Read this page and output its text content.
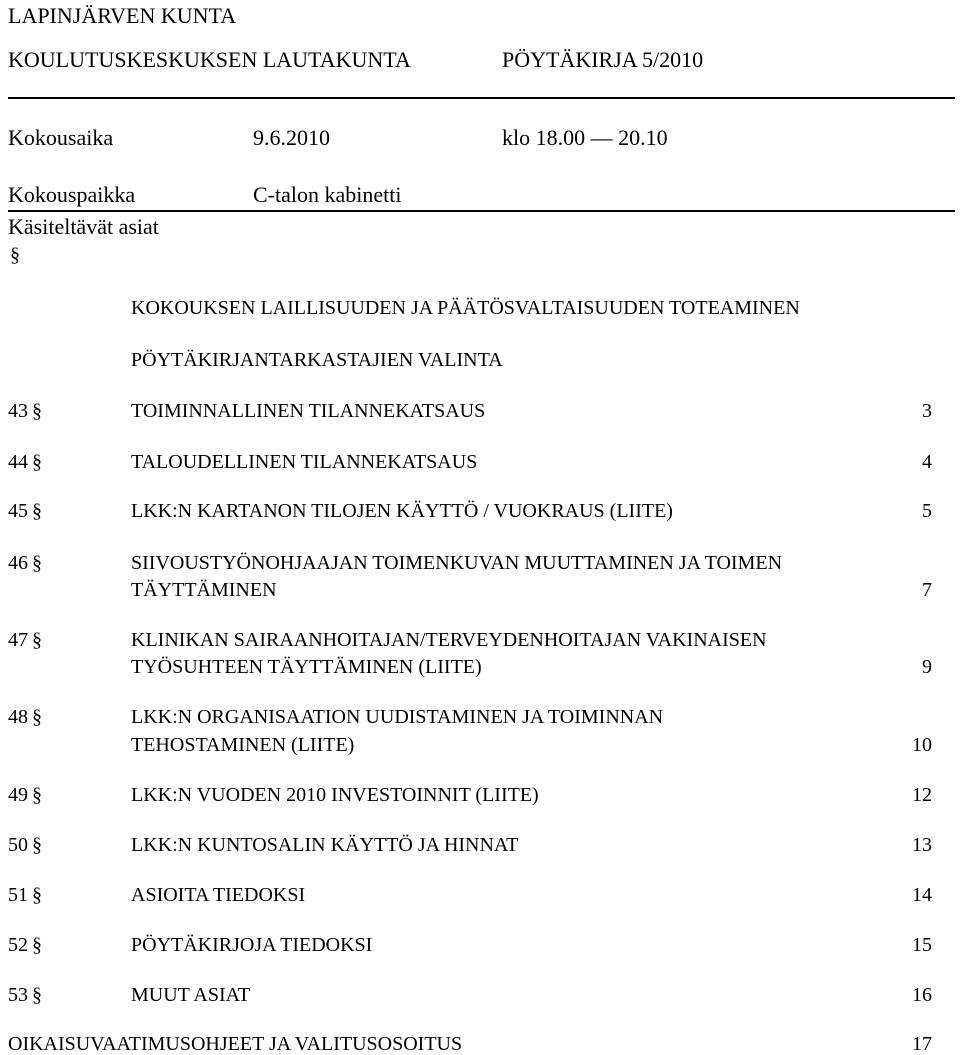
LAPINJÄRVEN KUNTA
KOULUTUSKESKUKSEN LAUTAKUNTA	PÖYTÄKIRJA 5/2010
Kokousaika	9.6.2010	klo 18.00 — 20.10
Kokouspaikka	C-talon kabinetti
Käsiteltävät asiat
§
KOKOUKSEN LAILLISUUDEN JA PÄÄTÖSVALTAISUUDEN TOTEAMINEN
PÖYTÄKIRJANTARKASTAJIEN VALINTA
43 §	TOIMINNALLINEN TILANNEKATSAUS	3
44 §	TALOUDELLINEN TILANNEKATSAUS	4
45 §	LKK:N KARTANON TILOJEN KÄYTTÖ / VUOKRAUS (LIITE)	5
46 §	SIIVOUSTYÖNOHJAAJAN TOIMENKUVAN MUUTTAMINEN JA TOIMEN
TÄYTTÄMINEN	7
47 §	KLINIKAN SAIRAANHOITAJAN/TERVEYDENHOITAJAN VAKINAISEN
TYÖSUHTEEN TÄYTTÄMINEN (LIITE)	9
48 §	LKK:N ORGANISAATION UUDISTAMINEN JA TOIMINNAN
TEHOSTAMINEN (LIITE)	10
49 §	LKK:N VUODEN 2010 INVESTOINNIT (LIITE)	12
50 §	LKK:N KUNTOSALIN KÄYTTÖ JA HINNAT	13
51 §	ASIOITA TIEDOKSI	14
52 §	PÖYTÄKIRJOJA TIEDOKSI	15
53 §	MUUT ASIAT	16
OIKAISUVAATIMUSOHJEET JA VALITUSOSOITUS	17
